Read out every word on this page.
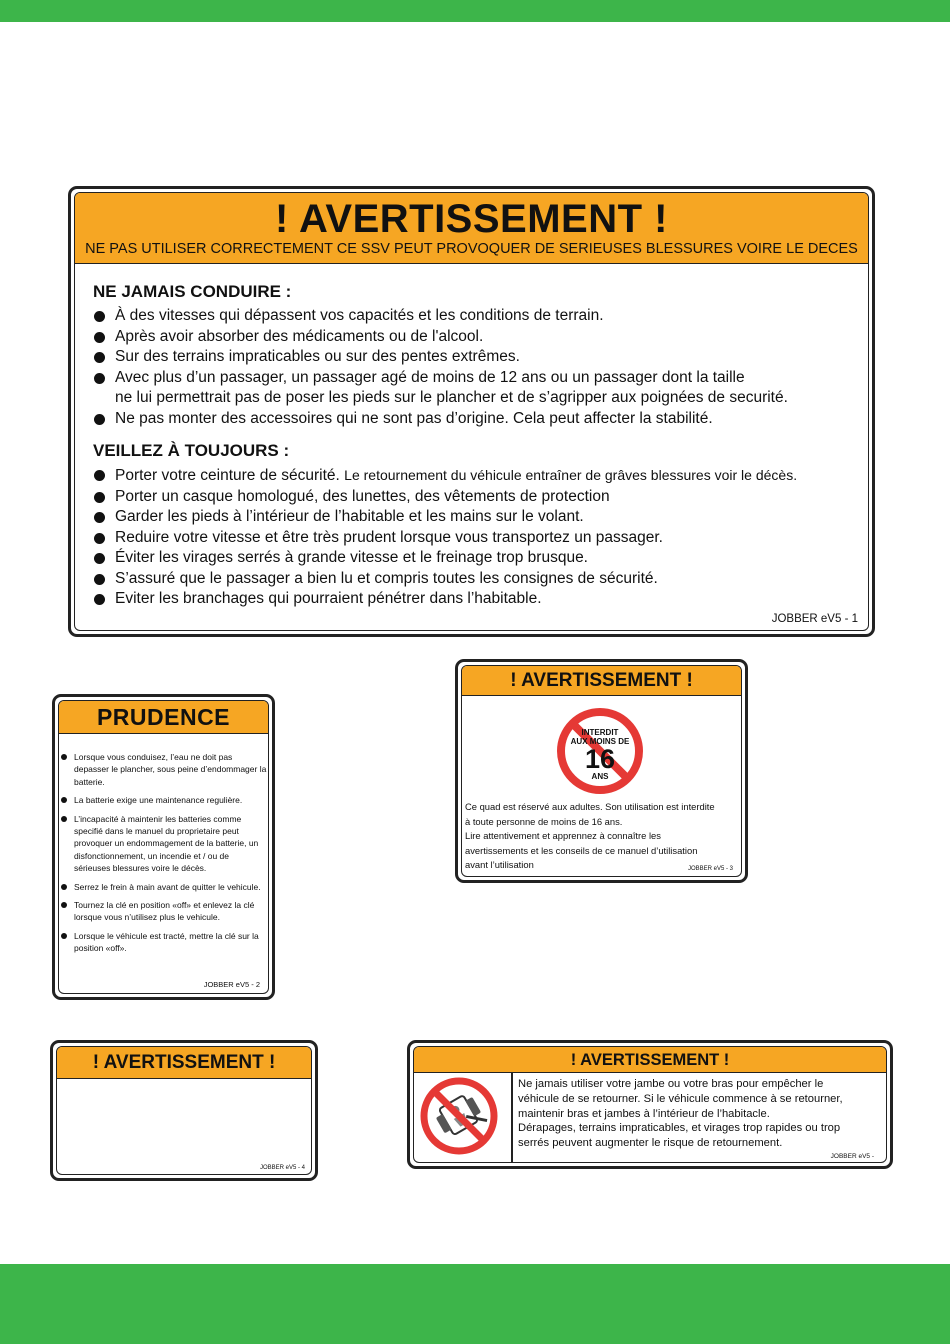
! AVERTISSEMENT !
NE PAS UTILISER CORRECTEMENT CE SSV PEUT PROVOQUER DE SERIEUSES BLESSURES VOIRE LE DECES
NE JAMAIS CONDUIRE :
À des vitesses qui dépassent vos capacités et les conditions de terrain.
Après avoir absorber des médicaments ou de l'alcool.
Sur des terrains impraticables ou sur des pentes extrêmes.
Avec plus d’un passager, un passager agé de moins de 12 ans ou un passager dont la taille
ne lui permettrait pas de poser les pieds sur le plancher et de s’agripper aux poignées de securité.
Ne pas monter des accessoires qui ne sont pas d’origine. Cela peut affecter la stabilité.
VEILLEZ À TOUJOURS :
Porter votre ceinture de sécurité. Le retournement du véhicule entraîner de grâves blessures voir le décès.
Porter un casque homologué, des lunettes, des vêtements de protection
Garder les pieds à l’intérieur de l’habitable et les mains sur le volant.
Reduire votre vitesse et être très prudent lorsque vous transportez un passager.
Éviter les virages serrés à grande vitesse et le freinage trop brusque.
S’assuré que le passager a bien lu et compris toutes les consignes de sécurité.
Eviter les branchages qui pourraient pénétrer dans l’habitable.
JOBBER eV5 - 1
PRUDENCE
Lorsque vous conduisez, l’eau ne doit pas depasser le plancher, sous peine d’endommager la batterie.
La batterie exige une maintenance regulière.
L’incapacité à maintenir les batteries comme specifié dans le manuel du proprietaire peut provoquer un endommagement de la batterie, un disfonctionnement, un incendie et / ou de sérieuses blessures voire le décès.
Serrez le frein à main avant de quitter le vehicule.
Tournez la clé en position «off» et enlevez la clé lorsque vous n’utilisez plus le vehicule.
Lorsque le véhicule est tracté, mettre la clé sur la position «off».
JOBBER eV5 - 2
! AVERTISSEMENT !
INTERDIT
AUX MOINS DE
16
ANS
Ce quad est réservé aux adultes. Son utilisation est interdite
à toute personne de moins de 16 ans.
Lire attentivement et apprennez à connaître les
avertissements et les conseils de ce manuel d’utilisation
avant l’utilisation	JOBBER eV5 - 3
! AVERTISSEMENT !
JOBBER eV5 - 4
! AVERTISSEMENT !
Ne jamais utiliser votre jambe ou votre bras pour empêcher le
véhicule de se retourner. Si le véhicule commence à se retourner,
maintenir bras et jambes à l’intérieur de l’habitacle.
Dérapages, terrains impraticables, et virages trop rapides ou trop
serrés peuvent augmenter le risque de retournement.
JOBBER eV5 -
